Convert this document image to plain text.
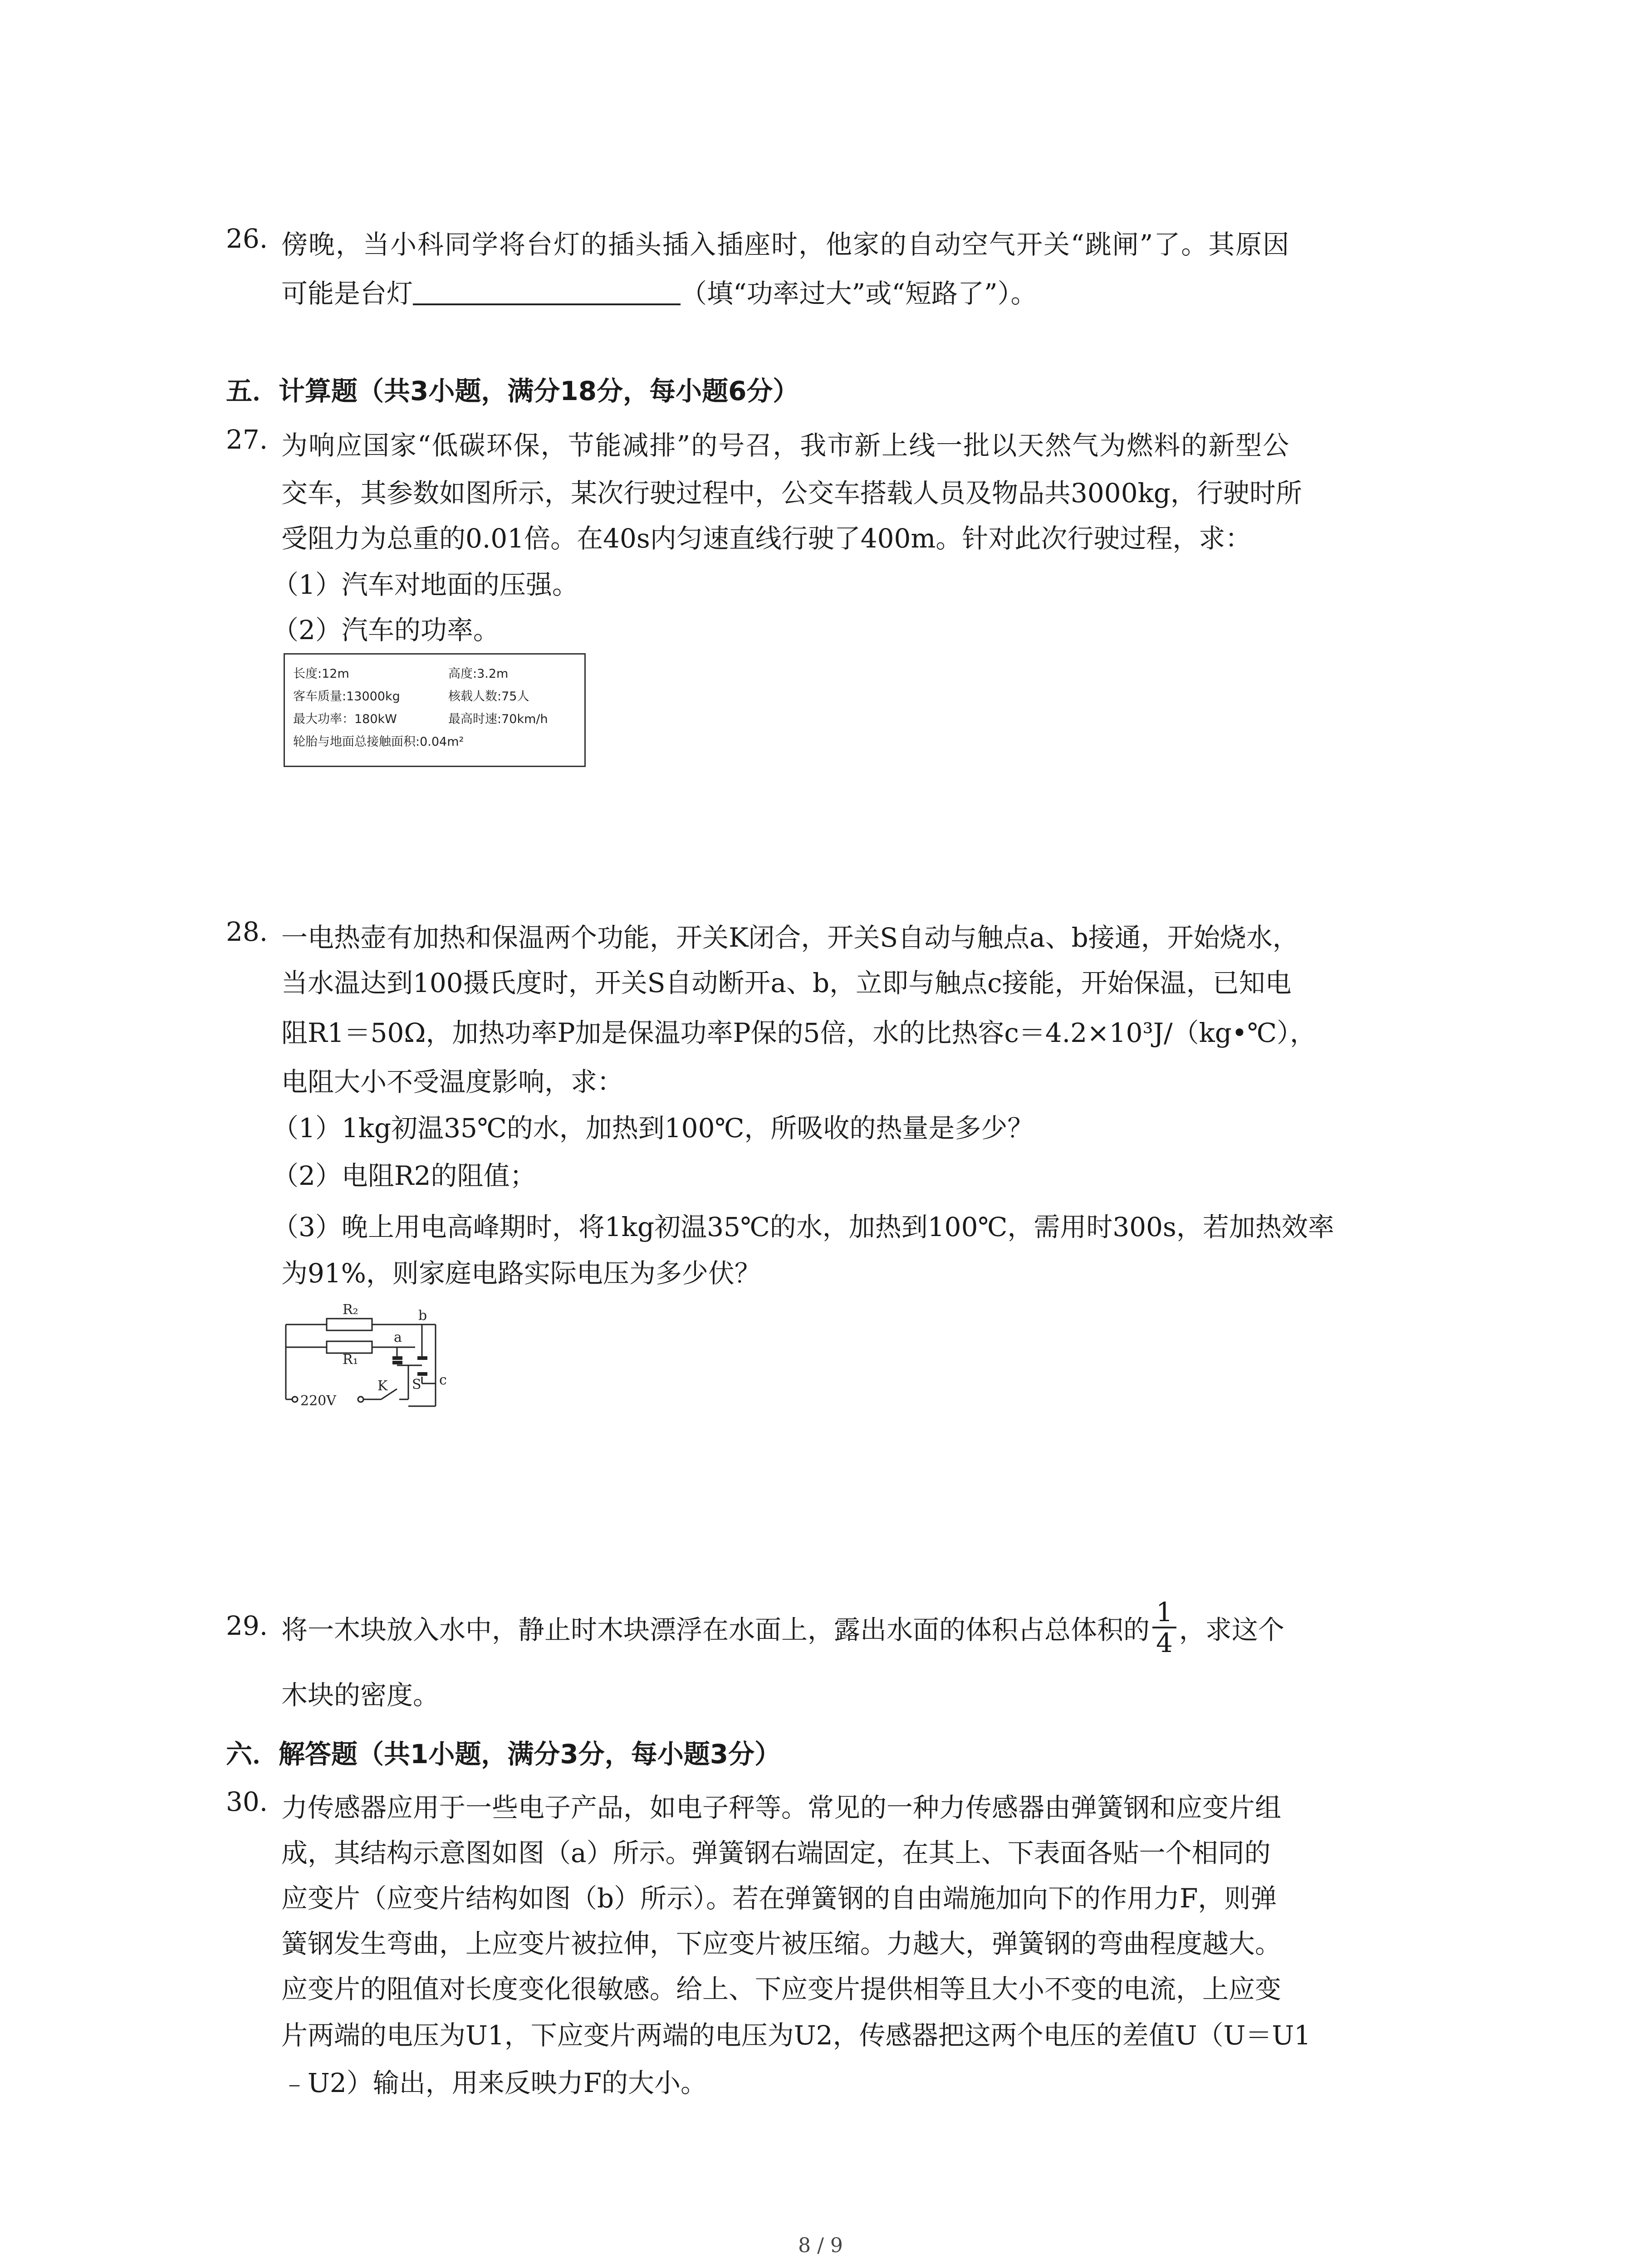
26. 傍晚，当小科同学将台灯的插头插入插座时，他家的自动空气开关“跳闸”了。其原因
可能是台灯	（填“功率过大”或“短路了”）。
五．计算题（共3小题，满分18分，每小题6分）
27. 为响应国家“低碳环保，节能减排”的号召，我市新上线一批以天然气为燃料的新型公
交车，其参数如图所示，某次行驶过程中，公交车搭载人员及物品共3000kg，行驶时所
受阻力为总重的0.01倍。在40s内匀速直线行驶了400m。针对此次行驶过程，求：
（1）汽车对地面的压强。
（2）汽车的功率。
长度:12m	高度:3.2m
客车质量:13000kg	核载人数:75人
最大功率：180kW	最高时速:70km/h
轮胎与地面总接触面积:0.04m²
28. 一电热壶有加热和保温两个功能，开关K闭合，开关S自动与触点a、b接通，开始烧水，
当水温达到100摄氏度时，开关S自动断开a、b，立即与触点c接能，开始保温，已知电
阻R1＝50Ω，加热功率P加是保温功率P保的5倍，水的比热容c＝4.2×10³J/（kg•℃），
电阻大小不受温度影响，求：
（1）1kg初温35℃的水，加热到100℃，所吸收的热量是多少？
（2）电阻R2的阻值；
（3）晚上用电高峰期时，将1kg初温35℃的水，加热到100℃，需用时300s，若加热效率
为91%，则家庭电路实际电压为多少伏？
R₂
R₁
a
b
c
K S
220V
29. 将一木块放入水中，静止时木块漂浮在水面上，露出水面的体积占总体积的 $\frac{1}{4}$ ，求这个
木块的密度。
六．解答题（共1小题，满分3分，每小题3分）
30. 力传感器应用于一些电子产品，如电子秤等。常见的一种力传感器由弹簧钢和应变片组
成，其结构示意图如图（a）所示。弹簧钢右端固定，在其上、下表面各贴一个相同的
应变片（应变片结构如图（b）所示）。若在弹簧钢的自由端施加向下的作用力F，则弹
簧钢发生弯曲，上应变片被拉伸，下应变片被压缩。力越大，弹簧钢的弯曲程度越大。
应变片的阻值对长度变化很敏感。给上、下应变片提供相等且大小不变的电流，上应变
片两端的电压为U1，下应变片两端的电压为U2，传感器把这两个电压的差值U（U＝U1
﹣U2）输出，用来反映力F的大小。
8 / 9
